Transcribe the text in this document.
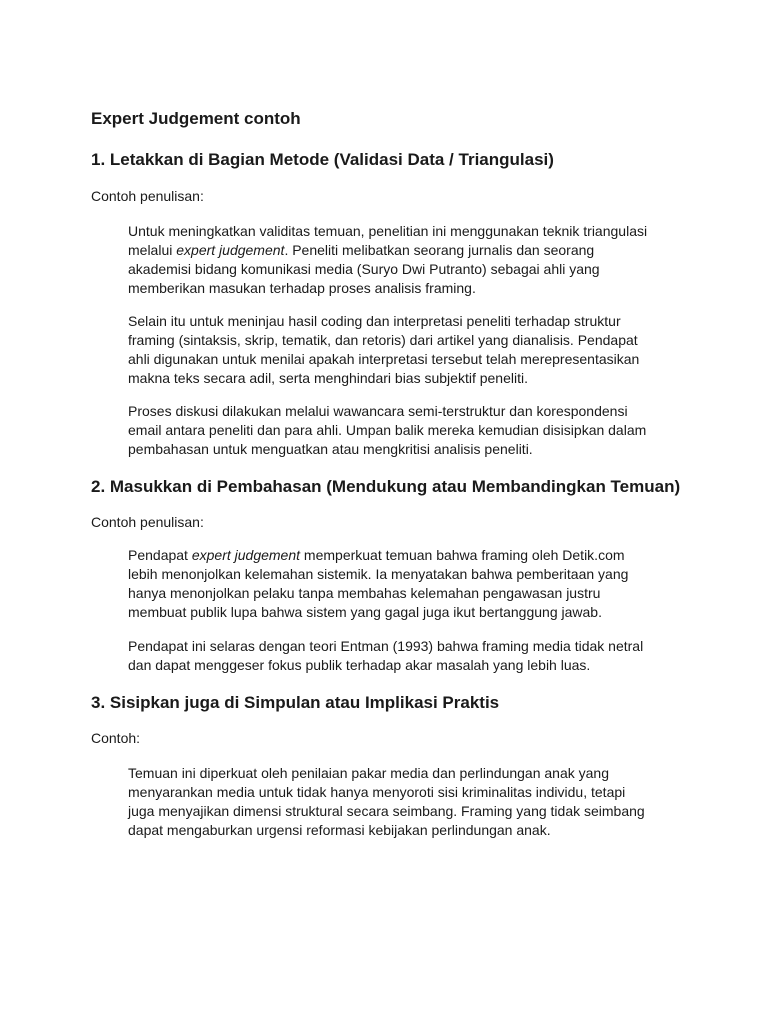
Expert Judgement contoh
1. Letakkan di Bagian Metode (Validasi Data / Triangulasi)

Contoh penulisan:

Untuk meningkatkan validitas temuan, penelitian ini menggunakan teknik triangulasi
melalui expert judgement. Peneliti melibatkan seorang jurnalis dan seorang
akademisi bidang komunikasi media (Suryo Dwi Putranto) sebagai ahli yang
memberikan masukan terhadap proses analisis framing.

Selain itu untuk meninjau hasil coding dan interpretasi peneliti terhadap struktur
framing (sintaksis, skrip, tematik, dan retoris) dari artikel yang dianalisis. Pendapat
ahli digunakan untuk menilai apakah interpretasi tersebut telah merepresentasikan
makna teks secara adil, serta menghindari bias subjektif peneliti.

Proses diskusi dilakukan melalui wawancara semi-terstruktur dan korespondensi
email antara peneliti dan para ahli. Umpan balik mereka kemudian disisipkan dalam
pembahasan untuk menguatkan atau mengkritisi analisis peneliti.

2. Masukkan di Pembahasan (Mendukung atau Membandingkan Temuan)

Contoh penulisan:

Pendapat expert judgement memperkuat temuan bahwa framing oleh Detik.com
lebih menonjolkan kelemahan sistemik. Ia menyatakan bahwa pemberitaan yang
hanya menonjolkan pelaku tanpa membahas kelemahan pengawasan justru
membuat publik lupa bahwa sistem yang gagal juga ikut bertanggung jawab.

Pendapat ini selaras dengan teori Entman (1993) bahwa framing media tidak netral
dan dapat menggeser fokus publik terhadap akar masalah yang lebih luas.

3. Sisipkan juga di Simpulan atau Implikasi Praktis

Contoh:

Temuan ini diperkuat oleh penilaian pakar media dan perlindungan anak yang
menyarankan media untuk tidak hanya menyoroti sisi kriminalitas individu, tetapi
juga menyajikan dimensi struktural secara seimbang. Framing yang tidak seimbang
dapat mengaburkan urgensi reformasi kebijakan perlindungan anak.
